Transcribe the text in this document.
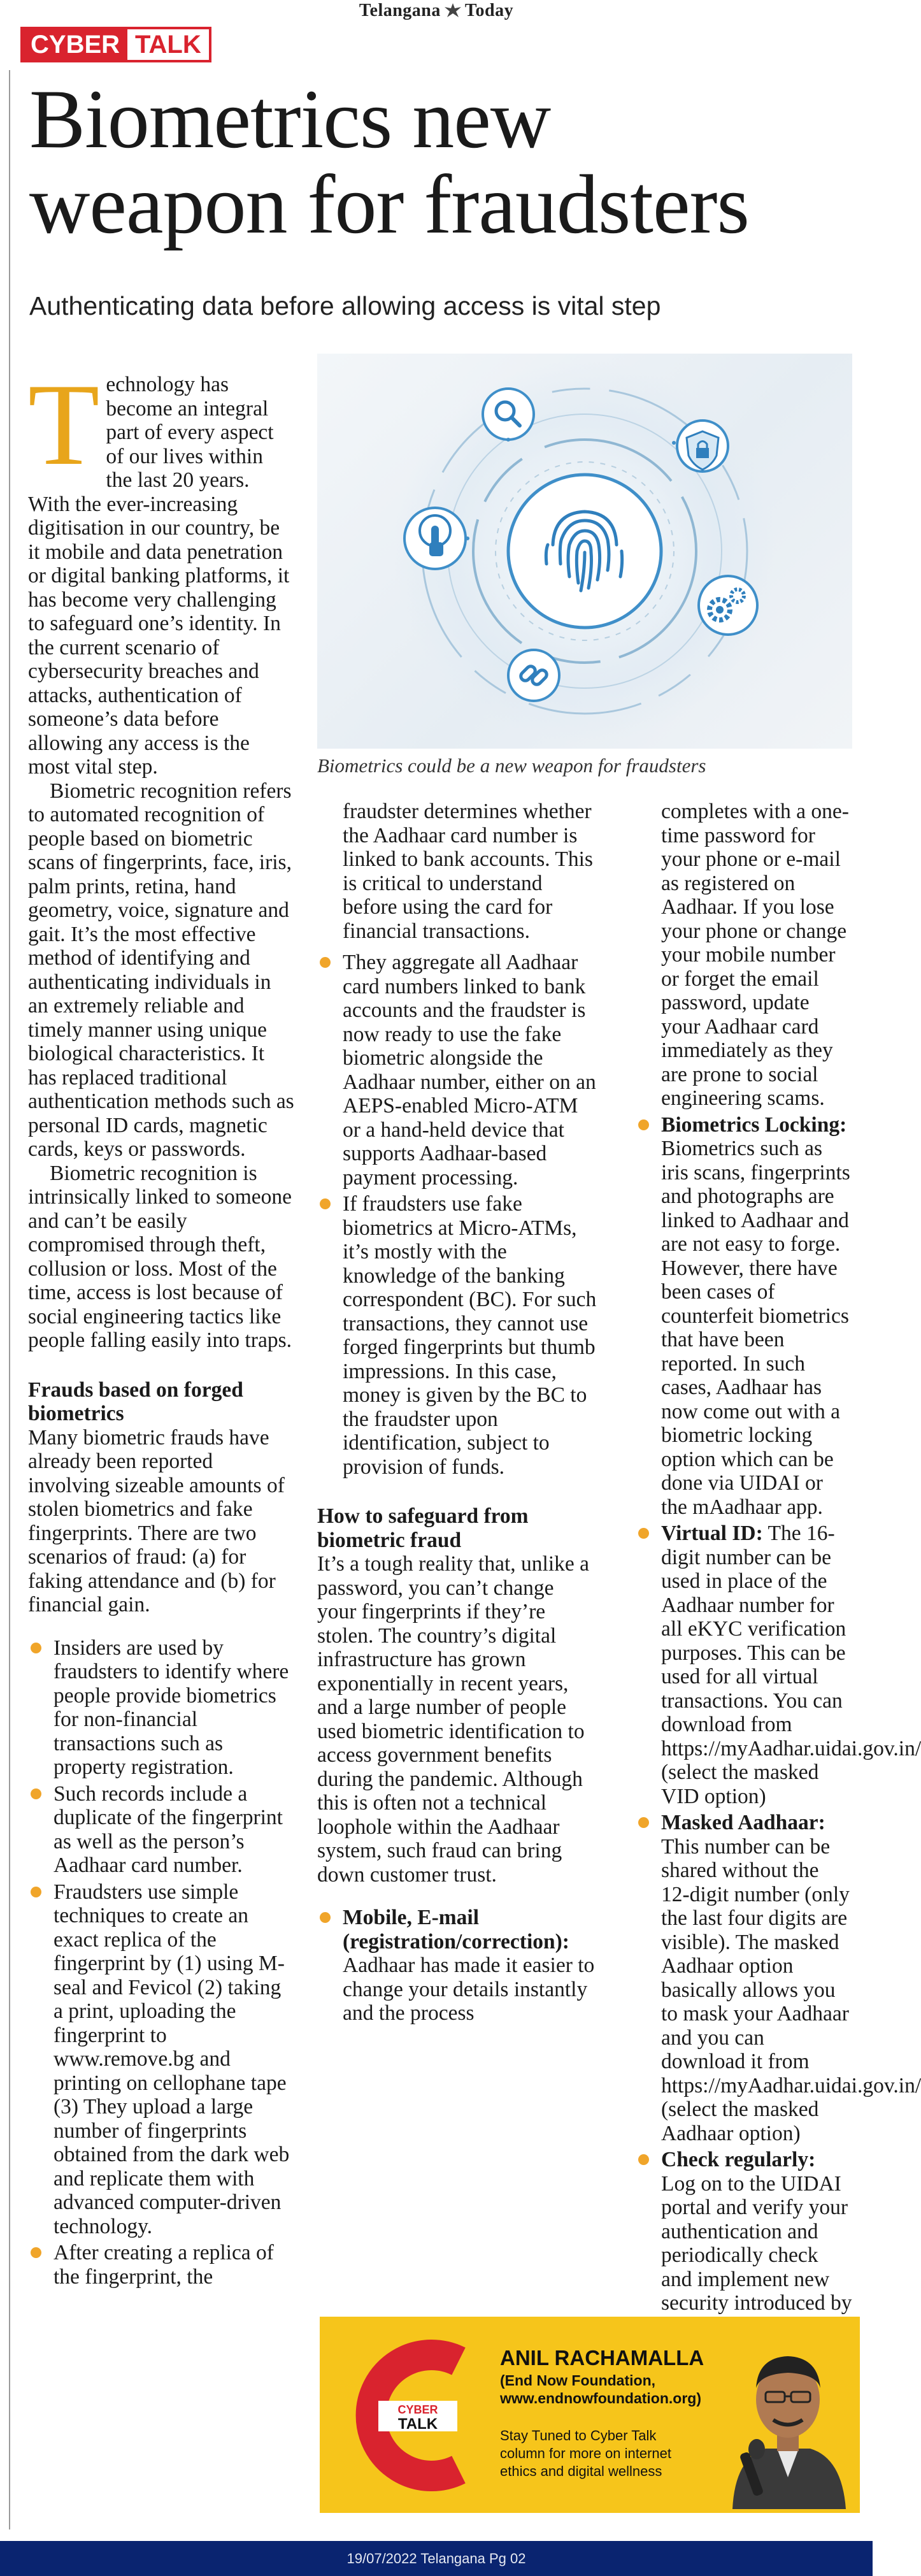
Telangana Today
CYBER TALK
Biometrics new
weapon for fraudsters
Authenticating data before allowing access is vital step
Biometrics could be a new weapon for fraudsters

Technology has become an integral part of every aspect of our lives within the last 20 years. With the ever-increasing digitisation in our country, be it mobile and data penetration or digital banking platforms, it has become very challenging to safeguard one’s identity. In the current scenario of cybersecurity breaches and attacks, authentication of someone’s data before allowing any access is the most vital step.

Biometric recognition refers to automated recognition of people based on biometric scans of fingerprints, face, iris, palm prints, retina, hand geometry, voice, signature and gait. It’s the most effective method of identifying and authenticating individuals in an extremely reliable and timely manner using unique biological characteristics. It has replaced traditional authentication methods such as personal ID cards, magnetic cards, keys or passwords.

Biometric recognition is intrinsically linked to someone and can’t be easily compromised through theft, collusion or loss. Most of the time, access is lost because of social engineering tactics like people falling easily into traps.

Frauds based on forged biometrics

Many biometric frauds have already been reported involving sizeable amounts of stolen biometrics and fake fingerprints. There are two scenarios of fraud: (a) for faking attendance and (b) for financial gain.

Insiders are used by fraudsters to identify where people provide biometrics for non-financial transactions such as property registration.
Such records include a duplicate of the fingerprint as well as the person’s Aadhaar card number.
Fraudsters use simple techniques to create an exact replica of the fingerprint by (1) using M-seal and Fevicol (2) taking a print, uploading the fingerprint to www.remove.bg and printing on cellophane tape (3) They upload a large number of fingerprints obtained from the dark web and replicate them with advanced computer-driven technology.
After creating a replica of the fingerprint, the

fraudster determines whether the Aadhaar card number is linked to bank accounts. This is critical to understand before using the card for financial transactions.

They aggregate all Aadhaar card numbers linked to bank accounts and the fraudster is now ready to use the fake biometric alongside the Aadhaar number, either on an AEPS-enabled Micro-ATM or a hand-held device that supports Aadhaar-based payment processing.
If fraudsters use fake biometrics at Micro-ATMs, it’s mostly with the knowledge of the banking correspondent (BC). For such transactions, they cannot use forged fingerprints but thumb impressions. In this case, money is given by the BC to the fraudster upon identification, subject to provision of funds.
How to safeguard from biometric fraud

It’s a tough reality that, unlike a password, you can’t change your fingerprints if they’re stolen. The country’s digital infrastructure has grown exponentially in recent years, and a large number of people used biometric identification to access government benefits during the pandemic. Although this is often not a technical loophole within the Aadhaar system, such fraud can bring down customer trust.

Mobile, E-mail (registration/correction): Aadhaar has made it easier to change your details instantly and the process

completes with a one-time password for your phone or e-mail as registered on Aadhaar. If you lose your phone or change your mobile number or forget the email password, update your Aadhaar card immediately as they are prone to social engineering scams.

Biometrics Locking: Biometrics such as iris scans, fingerprints and photographs are linked to Aadhaar and are not easy to forge. However, there have been cases of counterfeit biometrics that have been reported. In such cases, Aadhaar has now come out with a biometric locking option which can be done via UIDAI or the mAadhaar app.
Virtual ID: The 16-digit number can be used in place of the Aadhaar number for all eKYC verification purposes. This can be used for all virtual transactions. You can download from https://myAadhar.uidai.gov.in/ (select the masked VID option)
Masked Aadhaar: This number can be shared without the 12-digit number (only the last four digits are visible). The masked Aadhaar option basically allows you to mask your Aadhaar and you can download it from https://myAadhar.uidai.gov.in/ (select the masked Aadhaar option)
Check regularly: Log on to the UIDAI portal and verify your authentication and periodically check and implement new security introduced by
CYBER
TALK
ANIL RACHAMALLA
(End Now Foundation,
www.endnowfoundation.org)
Stay Tuned to Cyber Talk column for more on internet ethics and digital wellness
19/07/2022 Telangana Pg 02
